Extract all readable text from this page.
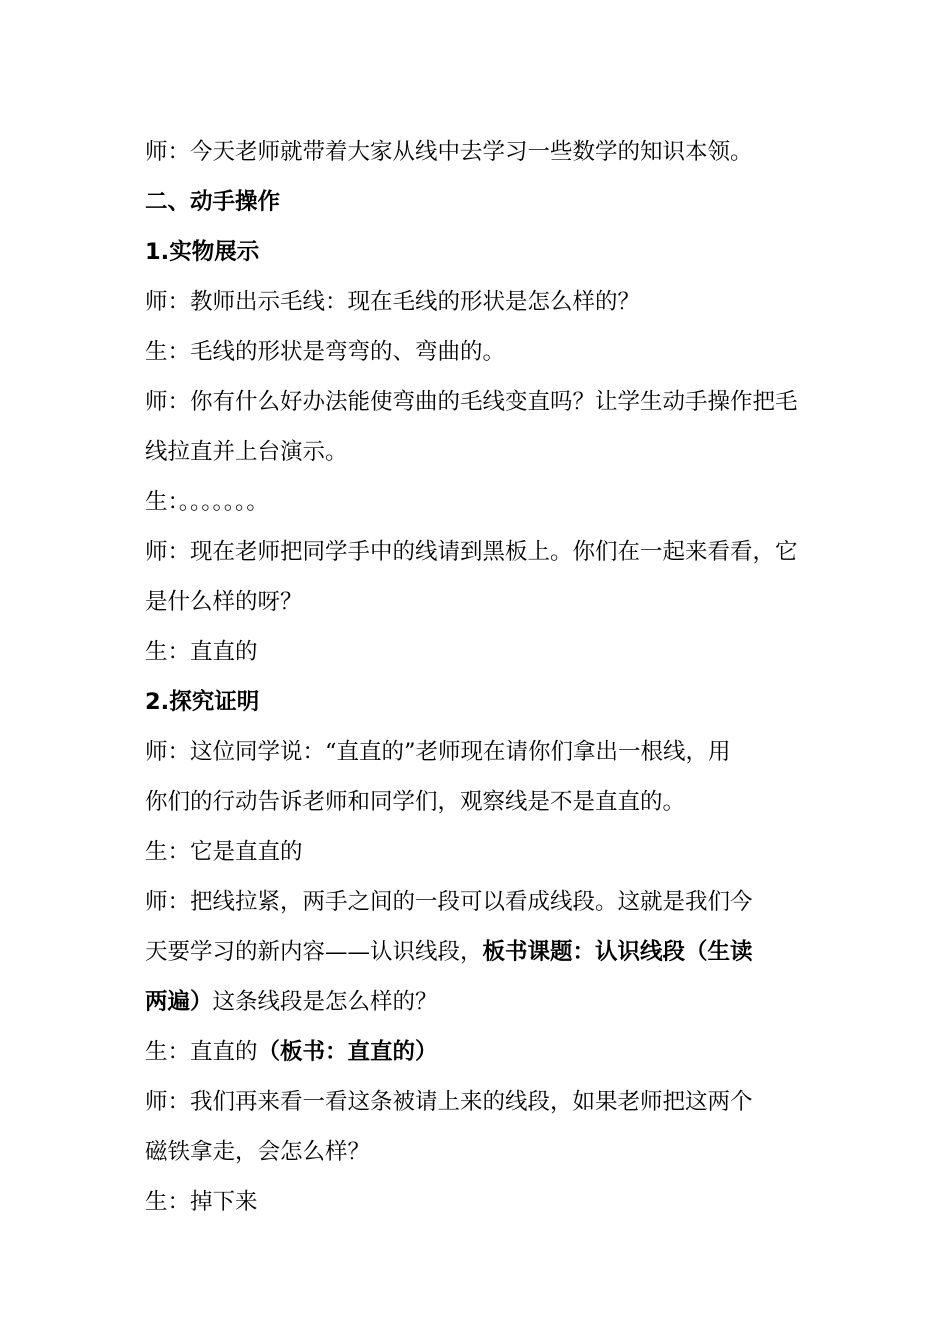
师：今天老师就带着大家从线中去学习一些数学的知识本领。
二、动手操作
1.实物展示
师：教师出示毛线：现在毛线的形状是怎么样的？
生：毛线的形状是弯弯的、弯曲的。
师：你有什么好办法能使弯曲的毛线变直吗？让学生动手操作把毛
线拉直并上台演示。
生：。。。。。。。
师：现在老师把同学手中的线请到黑板上。你们在一起来看看，它
是什么样的呀？
生：直直的
2.探究证明
师：这位同学说：“直直的”老师现在请你们拿出一根线，用
你们的行动告诉老师和同学们，观察线是不是直直的。
生：它是直直的
师：把线拉紧，两手之间的一段可以看成线段。这就是我们今
天要学习的新内容——认识线段，板书课题：认识线段（生读
两遍）这条线段是怎么样的？
生：直直的（板书：直直的）
师：我们再来看一看这条被请上来的线段，如果老师把这两个
磁铁拿走，会怎么样？
生：掉下来
